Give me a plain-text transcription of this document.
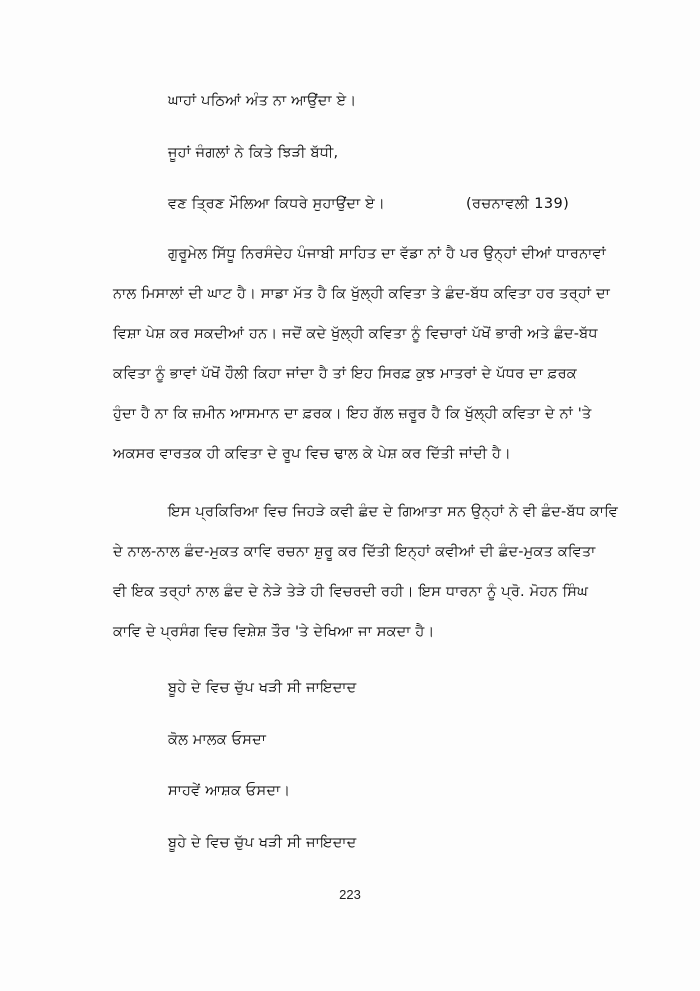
ਘਾਹਾਂ ਪਠਿਆਂ ਅੰਤ ਨਾ ਆਉਂਦਾ ਏ।
ਜੂਹਾਂ ਜੰਗਲਾਂ ਨੇ ਕਿਤੇ ਝਿੜੀ ਬੱਧੀ,
ਵਣ ਤ੍ਰਿਣ ਮੌਲਿਆ ਕਿਧਰੇ ਸੁਹਾਉਂਦਾ ਏ।	(ਰਚਨਾਵਲੀ 139)
ਗੁਰੂਮੇਲ ਸਿੱਧੂ ਨਿਰਸੰਦੇਹ ਪੰਜਾਬੀ ਸਾਹਿਤ ਦਾ ਵੱਡਾ ਨਾਂ ਹੈ ਪਰ ਉਨ੍ਹਾਂ ਦੀਆਂ ਧਾਰਨਾਵਾਂ
ਨਾਲ ਮਿਸਾਲਾਂ ਦੀ ਘਾਟ ਹੈ। ਸਾਡਾ ਮੱਤ ਹੈ ਕਿ ਖੁੱਲ੍ਹੀ ਕਵਿਤਾ ਤੇ ਛੰਦ-ਬੱਧ ਕਵਿਤਾ ਹਰ ਤਰ੍ਹਾਂ ਦਾ
ਵਿਸ਼ਾ ਪੇਸ਼ ਕਰ ਸਕਦੀਆਂ ਹਨ। ਜਦੋਂ ਕਦੇ ਖੁੱਲ੍ਹੀ ਕਵਿਤਾ ਨੂੰ ਵਿਚਾਰਾਂ ਪੱਖੋਂ ਭਾਰੀ ਅਤੇ ਛੰਦ-ਬੱਧ
ਕਵਿਤਾ ਨੂੰ ਭਾਵਾਂ ਪੱਖੋਂ ਹੌਲੀ ਕਿਹਾ ਜਾਂਦਾ ਹੈ ਤਾਂ ਇਹ ਸਿਰਫ਼ ਕੁਝ ਮਾਤਰਾਂ ਦੇ ਪੱਧਰ ਦਾ ਫ਼ਰਕ
ਹੁੰਦਾ ਹੈ ਨਾ ਕਿ ਜ਼ਮੀਨ ਆਸਮਾਨ ਦਾ ਫ਼ਰਕ। ਇਹ ਗੱਲ ਜ਼ਰੂਰ ਹੈ ਕਿ ਖੁੱਲ੍ਹੀ ਕਵਿਤਾ ਦੇ ਨਾਂ 'ਤੇ
ਅਕਸਰ ਵਾਰਤਕ ਹੀ ਕਵਿਤਾ ਦੇ ਰੂਪ ਵਿਚ ਢਾਲ ਕੇ ਪੇਸ਼ ਕਰ ਦਿੱਤੀ ਜਾਂਦੀ ਹੈ।
ਇਸ ਪ੍ਰਕਿਰਿਆ ਵਿਚ ਜਿਹੜੇ ਕਵੀ ਛੰਦ ਦੇ ਗਿਆਤਾ ਸਨ ਉਨ੍ਹਾਂ ਨੇ ਵੀ ਛੰਦ-ਬੱਧ ਕਾਵਿ
ਦੇ ਨਾਲ-ਨਾਲ ਛੰਦ-ਮੁਕਤ ਕਾਵਿ ਰਚਨਾ ਸ਼ੁਰੂ ਕਰ ਦਿੱਤੀ ਇਨ੍ਹਾਂ ਕਵੀਆਂ ਦੀ ਛੰਦ-ਮੁਕਤ ਕਵਿਤਾ
ਵੀ ਇਕ ਤਰ੍ਹਾਂ ਨਾਲ ਛੰਦ ਦੇ ਨੇੜੇ ਤੇੜੇ ਹੀ ਵਿਚਰਦੀ ਰਹੀ। ਇਸ ਧਾਰਨਾ ਨੂੰ ਪ੍ਰੋ. ਮੋਹਨ ਸਿੰਘ
ਕਾਵਿ ਦੇ ਪ੍ਰਸੰਗ ਵਿਚ ਵਿਸ਼ੇਸ਼ ਤੌਰ 'ਤੇ ਦੇਖਿਆ ਜਾ ਸਕਦਾ ਹੈ।
ਬੂਹੇ ਦੇ ਵਿਚ ਚੁੱਪ ਖੜੀ ਸੀ ਜਾਇਦਾਦ
ਕੋਲ ਮਾਲਕ ਓਸਦਾ
ਸਾਹਵੇਂ ਆਸ਼ਕ ਓਸਦਾ।
ਬੂਹੇ ਦੇ ਵਿਚ ਚੁੱਪ ਖੜੀ ਸੀ ਜਾਇਦਾਦ
223
